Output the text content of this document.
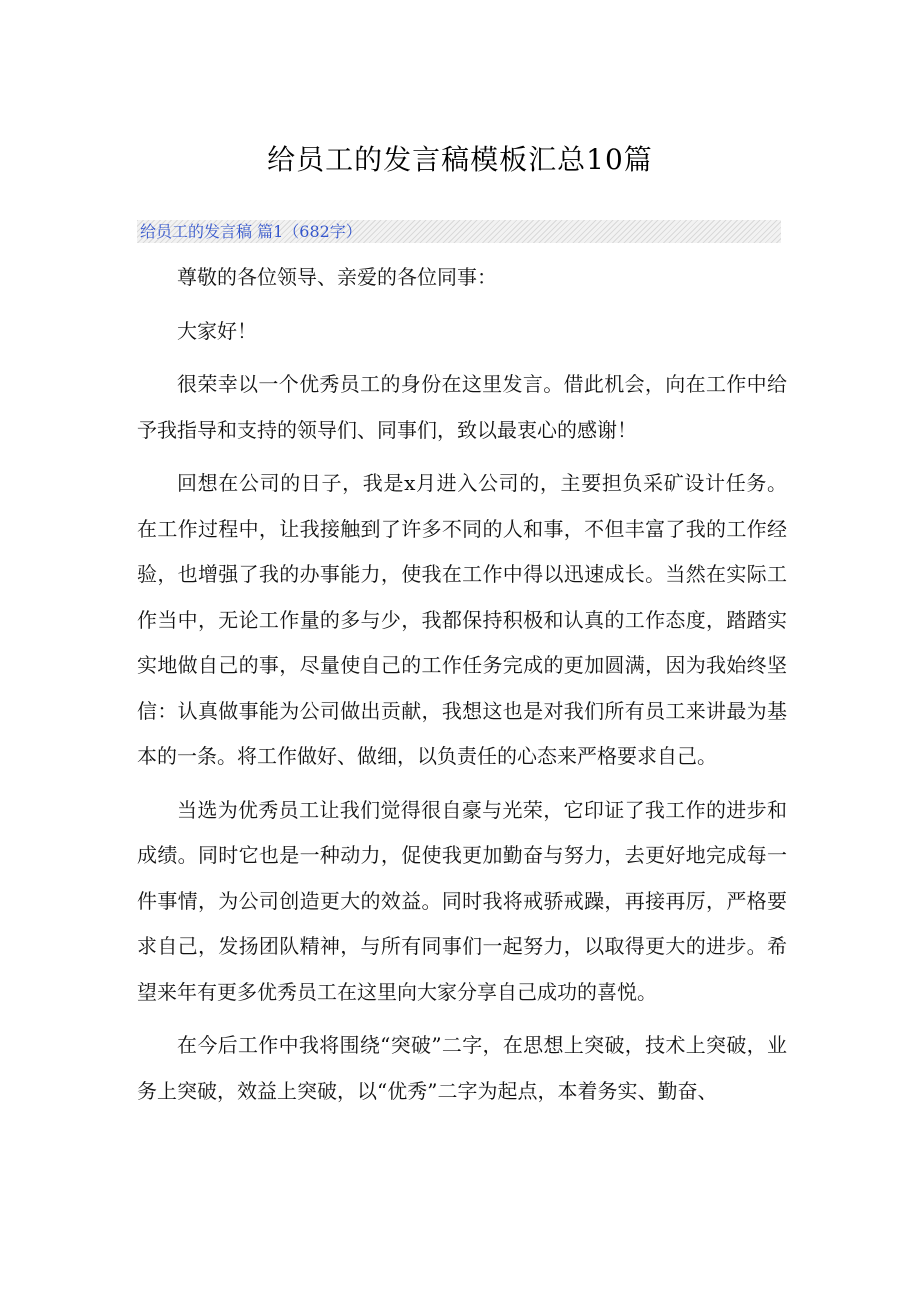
给员工的发言稿模板汇总10篇
给员工的发言稿 篇1（682字）

尊敬的各位领导、亲爱的各位同事：

大家好！

很荣幸以一个优秀员工的身份在这里发言。借此机会，向在工作中给予我指导和支持的领导们、同事们，致以最衷心的感谢！

回想在公司的日子，我是x月进入公司的，主要担负采矿设计任务。在工作过程中，让我接触到了许多不同的人和事，不但丰富了我的工作经验，也增强了我的办事能力，使我在工作中得以迅速成长。当然在实际工作当中，无论工作量的多与少，我都保持积极和认真的工作态度，踏踏实实地做自己的事，尽量使自己的工作任务完成的更加圆满，因为我始终坚信：认真做事能为公司做出贡献，我想这也是对我们所有员工来讲最为基本的一条。将工作做好、做细，以负责任的心态来严格要求自己。

当选为优秀员工让我们觉得很自豪与光荣，它印证了我工作的进步和成绩。同时它也是一种动力，促使我更加勤奋与努力，去更好地完成每一件事情，为公司创造更大的效益。同时我将戒骄戒躁，再接再厉，严格要求自己，发扬团队精神，与所有同事们一起努力，以取得更大的进步。希望来年有更多优秀员工在这里向大家分享自己成功的喜悦。

在今后工作中我将围绕“突破”二字，在思想上突破，技术上突破，业务上突破，效益上突破，以“优秀”二字为起点，本着务实、勤奋、
